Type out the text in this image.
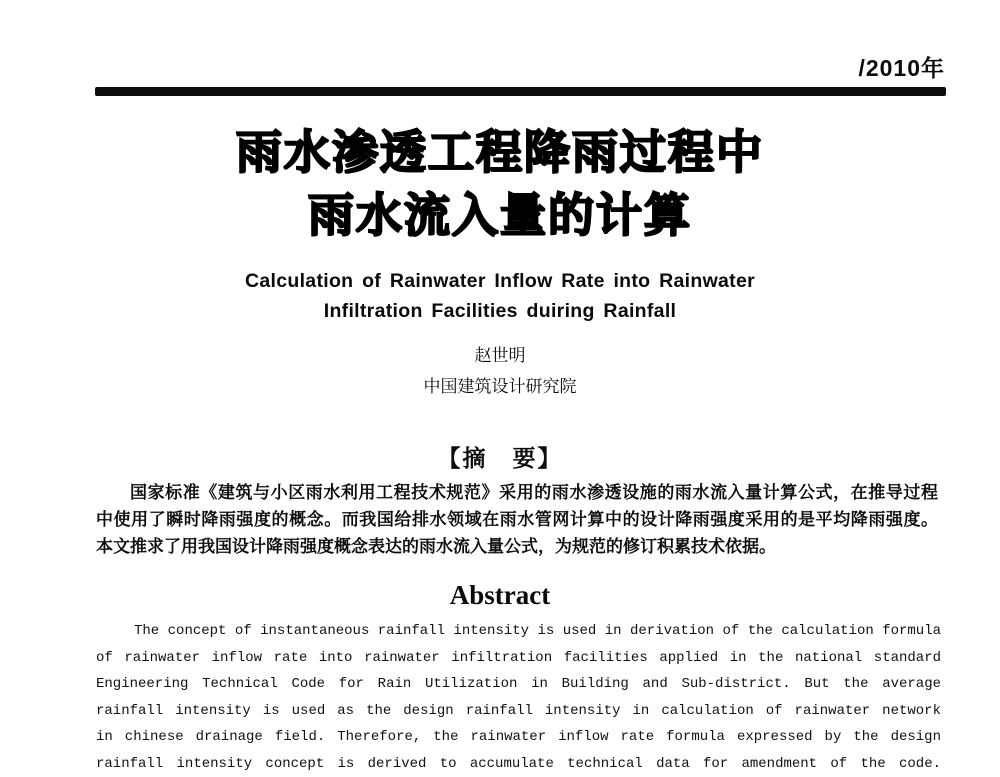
/2010年
雨水渗透工程降雨过程中
雨水流入量的计算
Calculation of Rainwater Inflow Rate into Rainwater
Infiltration Facilities duiring Rainfall
赵世明
中国建筑设计研究院
【摘　要】
国家标准《建筑与小区雨水利用工程技术规范》采用的雨水渗透设施的雨水流入量计算公式，在推导过程
中使用了瞬时降雨强度的概念。而我国给排水领域在雨水管网计算中的设计降雨强度采用的是平均降雨强度。
本文推求了用我国设计降雨强度概念表达的雨水流入量公式，为规范的修订积累技术依据。
Abstract
The concept of instantaneous rainfall intensity is used in derivation of the calculation formula
of rainwater inflow rate into rainwater infiltration facilities applied in the national standard
Engineering Technical Code for Rain Utilization in Building and Sub-district. But the average
rainfall intensity is used as the design rainfall intensity in calculation of rainwater network
in chinese drainage field. Therefore, the rainwater inflow rate formula expressed by the design
rainfall intensity concept is derived to accumulate technical data for amendment of the code.
